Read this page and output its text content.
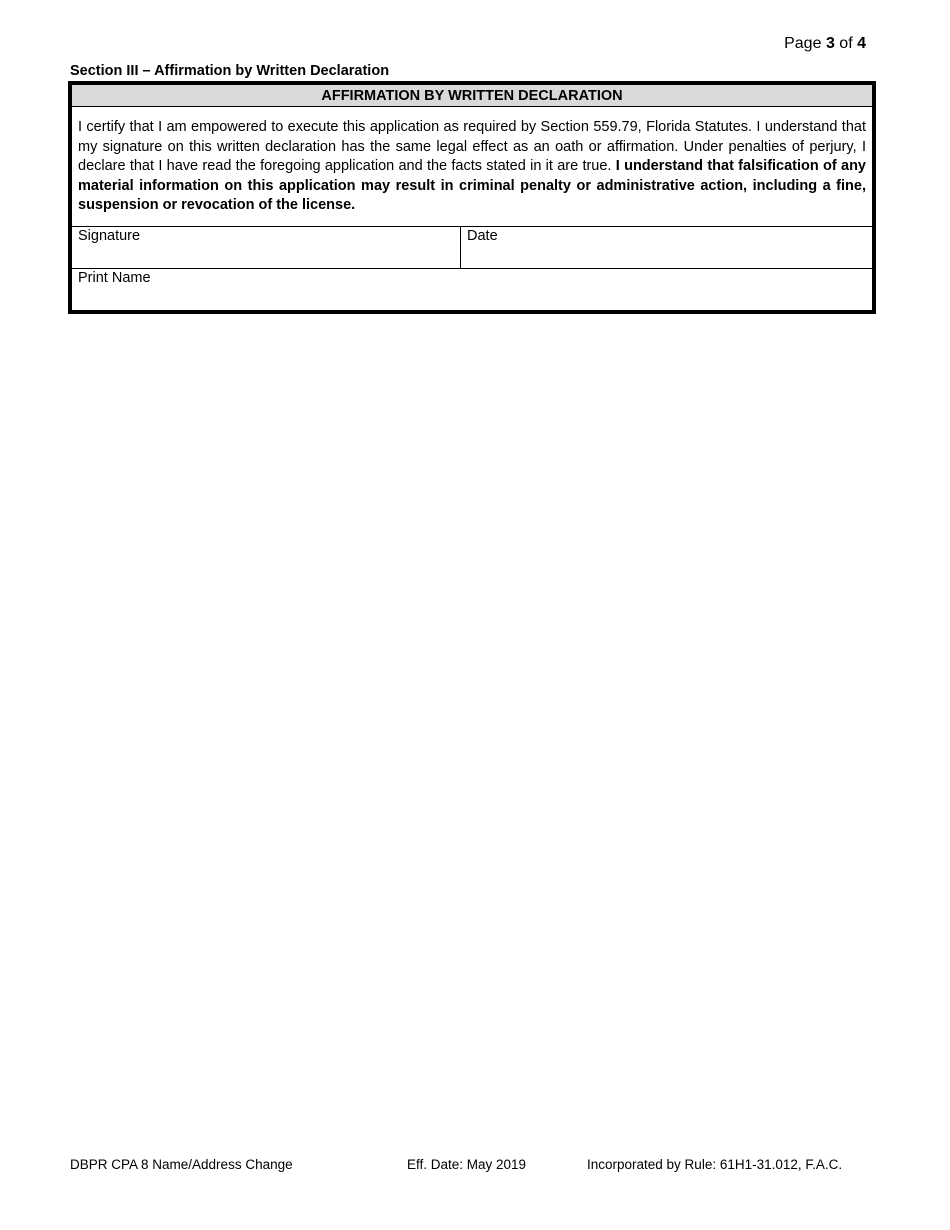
Page 3 of 4
Section III – Affirmation by Written Declaration
AFFIRMATION BY WRITTEN DECLARATION
I certify that I am empowered to execute this application as required by Section 559.79, Florida Statutes. I understand that my signature on this written declaration has the same legal effect as an oath or affirmation. Under penalties of perjury, I declare that I have read the foregoing application and the facts stated in it are true. I understand that falsification of any material information on this application may result in criminal penalty or administrative action, including a fine, suspension or revocation of the license.
Signature	Date
Print Name
DBPR CPA 8 Name/Address Change	Eff. Date: May 2019	Incorporated by Rule: 61H1-31.012, F.A.C.
